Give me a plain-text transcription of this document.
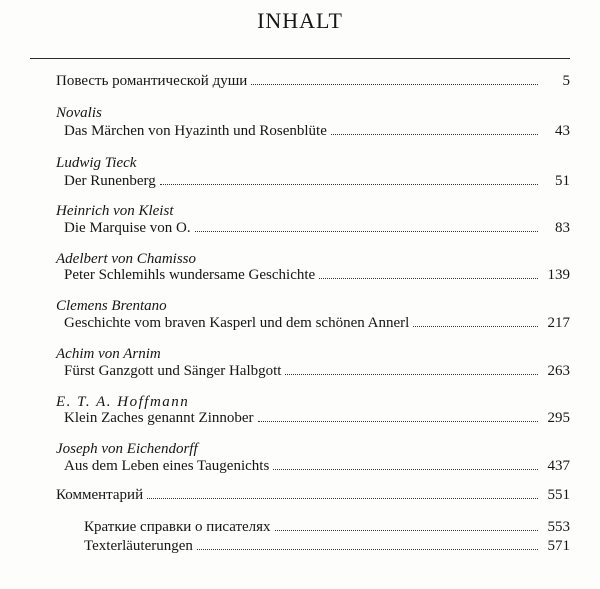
INHALT
Повесть романтической души	5
Novalis
Das Märchen von Hyazinth und Rosenblüte	43
Ludwig Tieck
Der Runenberg	51
Heinrich von Kleist
Die Marquise von O.	83
Adelbert von Chamisso
Peter Schlemihls wundersame Geschichte	139
Clemens Brentano
Geschichte vom braven Kasperl und dem schönen Annerl	217
Achim von Arnim
Fürst Ganzgott und Sänger Halbgott	263
E. T. A. Hoffmann
Klein Zaches genannt Zinnober	295
Joseph von Eichendorff
Aus dem Leben eines Taugenichts	437
Комментарий	551
Краткие справки о писателях	553
Texterläuterungen	571
